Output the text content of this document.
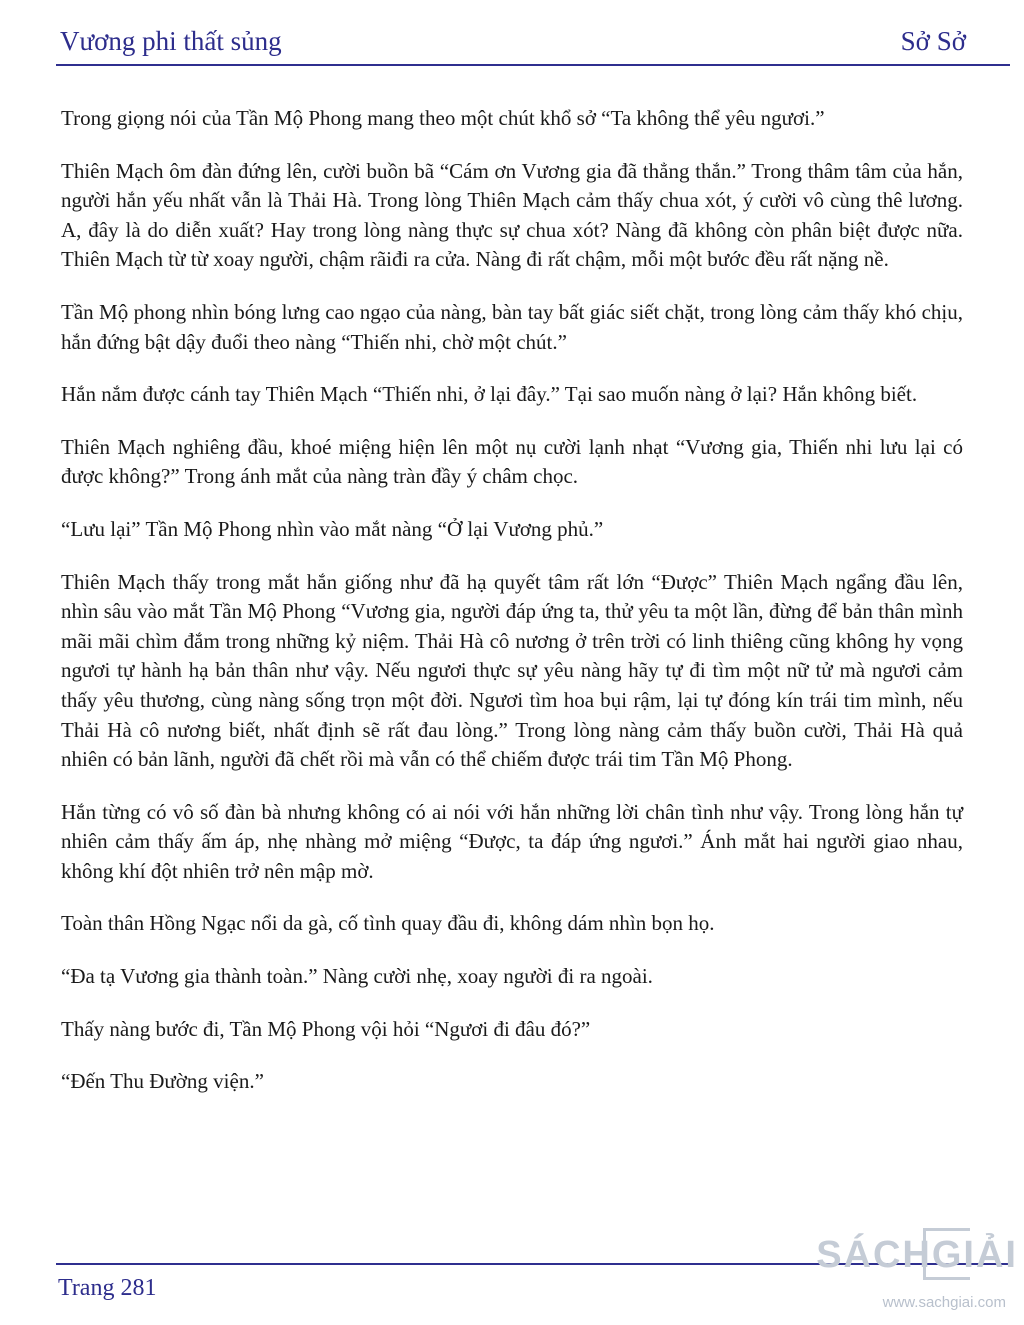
Vương phi thất sủng	Sở Sở

Trong giọng nói của Tần Mộ Phong mang theo một chút khổ sở “Ta không thể yêu ngươi.”

Thiên Mạch ôm đàn đứng lên, cười buồn bã “Cám ơn Vương gia đã thẳng thắn.” Trong thâm tâm của hắn, người hắn yếu nhất vẫn là Thải Hà. Trong lòng Thiên Mạch cảm thấy chua xót, ý cười vô cùng thê lương. A, đây là do diễn xuất? Hay trong lòng nàng thực sự chua xót? Nàng đã không còn phân biệt được nữa. Thiên Mạch từ từ xoay người, chậm rãiđi ra cửa. Nàng đi rất chậm, mỗi một bước đều rất nặng nề.

Tần Mộ phong nhìn bóng lưng cao ngạo của nàng, bàn tay bất giác siết chặt, trong lòng cảm thấy khó chịu, hắn đứng bật dậy đuổi theo nàng “Thiến nhi, chờ một chút.”

Hắn nắm được cánh tay Thiên Mạch “Thiến nhi, ở lại đây.” Tại sao muốn nàng ở lại? Hắn không biết.

Thiên Mạch nghiêng đầu, khoé miệng hiện lên một nụ cười lạnh nhạt “Vương gia, Thiến nhi lưu lại có được không?” Trong ánh mắt của nàng tràn đầy ý châm chọc.

“Lưu lại” Tần Mộ Phong nhìn vào mắt nàng “Ở lại Vương phủ.”

Thiên Mạch thấy trong mắt hắn giống như đã hạ quyết tâm rất lớn “Được” Thiên Mạch ngẩng đầu lên, nhìn sâu vào mắt Tần Mộ Phong “Vương gia, người đáp ứng ta, thử yêu ta một lần, đừng để bản thân mình mãi mãi chìm đắm trong những kỷ niệm. Thải Hà cô nương ở trên trời có linh thiêng cũng không hy vọng ngươi tự hành hạ bản thân như vậy. Nếu ngươi thực sự yêu nàng hãy tự đi tìm một nữ tử mà ngươi cảm thấy yêu thương, cùng nàng sống trọn một đời. Ngươi tìm hoa bụi rậm, lại tự đóng kín trái tim mình, nếu Thải Hà cô nương biết, nhất định sẽ rất đau lòng.” Trong lòng nàng cảm thấy buồn cười, Thải Hà quả nhiên có bản lãnh, người đã chết rồi mà vẫn có thể chiếm được trái tim Tần Mộ Phong.

Hắn từng có vô số đàn bà nhưng không có ai nói với hắn những lời chân tình như vậy. Trong lòng hắn tự nhiên cảm thấy ấm áp, nhẹ nhàng mở miệng “Được, ta đáp ứng ngươi.” Ánh mắt hai người giao nhau, không khí đột nhiên trở nên mập mờ.

Toàn thân Hồng Ngạc nổi da gà, cố tình quay đầu đi, không dám nhìn bọn họ.

“Đa tạ Vương gia thành toàn.” Nàng cười nhẹ, xoay người đi ra ngoài.

Thấy nàng bước đi, Tần Mộ Phong vội hỏi “Ngươi đi đâu đó?”

“Đến Thu Đường viện.”

Trang 281
SÁCHGIẢI
www.sachgiai.com
